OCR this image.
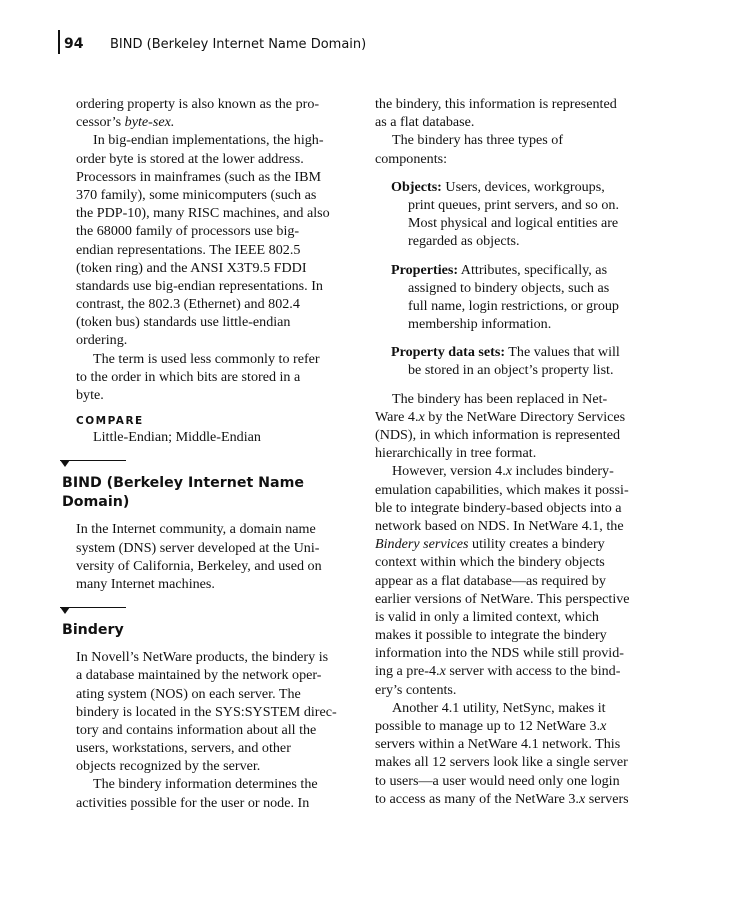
94 BIND (Berkeley Internet Name Domain)

ordering property is also known as the pro-
cessor’s byte-sex.

In big-endian implementations, the high-
order byte is stored at the lower address.
Processors in mainframes (such as the IBM
370 family), some minicomputers (such as
the PDP-10), many RISC machines, and also
the 68000 family of processors use big-
endian representations. The IEEE 802.5
(token ring) and the ANSI X3T9.5 FDDI
standards use big-endian representations. In
contrast, the 802.3 (Ethernet) and 802.4
(token bus) standards use little-endian
ordering.

The term is used less commonly to refer
to the order in which bits are stored in a
byte.

COMPARE
Little-Endian; Middle-Endian
BIND (Berkeley Internet Name
Domain)

In the Internet community, a domain name
system (DNS) server developed at the Uni-
versity of California, Berkeley, and used on
many Internet machines.

Bindery

In Novell’s NetWare products, the bindery is
a database maintained by the network oper-
ating system (NOS) on each server. The
bindery is located in the SYS:SYSTEM direc-
tory and contains information about all the
users, workstations, servers, and other
objects recognized by the server.

The bindery information determines the
activities possible for the user or node. In

the bindery, this information is represented
as a flat database.

The bindery has three types of
components:

Objects: Users, devices, workgroups,
print queues, print servers, and so on.
Most physical and logical entities are
regarded as objects.
Properties: Attributes, specifically, as
assigned to bindery objects, such as
full name, login restrictions, or group
membership information.
Property data sets: The values that will
be stored in an object’s property list.

The bindery has been replaced in Net-
Ware 4.x by the NetWare Directory Services
(NDS), in which information is represented
hierarchically in tree format.

However, version 4.x includes bindery-
emulation capabilities, which makes it possi-
ble to integrate bindery-based objects into a
network based on NDS. In NetWare 4.1, the
Bindery services utility creates a bindery
context within which the bindery objects
appear as a flat database—as required by
earlier versions of NetWare. This perspective
is valid in only a limited context, which
makes it possible to integrate the bindery
information into the NDS while still provid-
ing a pre-4.x server with access to the bind-
ery’s contents.

Another 4.1 utility, NetSync, makes it
possible to manage up to 12 NetWare 3.x
servers within a NetWare 4.1 network. This
makes all 12 servers look like a single server
to users—a user would need only one login
to access as many of the NetWare 3.x servers
